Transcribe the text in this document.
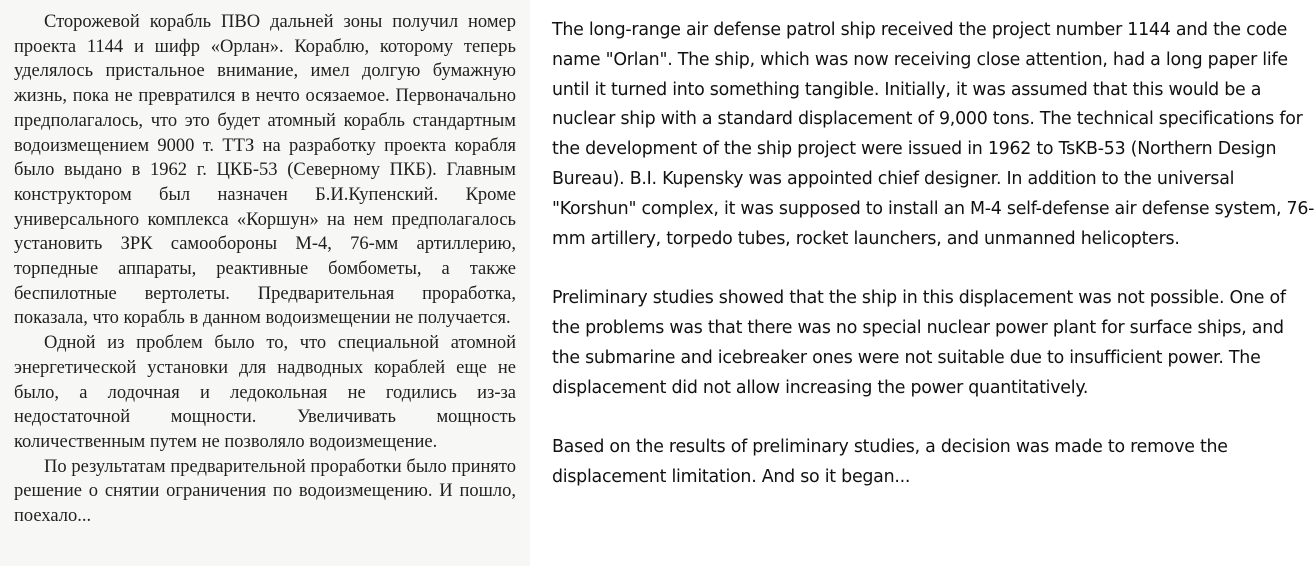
Сторожевой корабль ПВО дальней зоны получил номер проекта 1144 и шифр «Орлан». Кораблю, которому теперь уделялось пристальное внимание, имел долгую бумажную жизнь, пока не превратился в нечто осязаемое. Первоначально предполагалось, что это будет атомный корабль стандартным водоизмещением 9000 т. ТТЗ на разработку проекта корабля было выдано в 1962 г. ЦКБ-53 (Северному ПКБ). Главным конструктором был назначен Б.И.Купенский. Кроме универсального комплекса «Коршун» на нем предполагалось установить ЗРК самообороны М-4, 76-мм артиллерию, торпедные аппараты, реактивные бомбометы, а также беспилотные вертолеты. Предварительная проработка, показала, что корабль в данном водоизмещении не получается.

Одной из проблем было то, что специальной атомной энергетической установки для надводных кораблей еще не было, а лодочная и ледокольная не годились из-за недостаточной мощности. Увеличивать мощность количественным путем не позволяло водоизмещение.

По результатам предварительной проработки было принято решение о снятии ограничения по водоизмещению. И пошло, поехало...

The long-range air defense patrol ship received the project number 1144 and the code name "Orlan". The ship, which was now receiving close attention, had a long paper life until it turned into something tangible. Initially, it was assumed that this would be a nuclear ship with a standard displacement of 9,000 tons. The technical specifications for the development of the ship project were issued in 1962 to TsKB-53 (Northern Design Bureau). B.I. Kupensky was appointed chief designer. In addition to the universal "Korshun" complex, it was supposed to install an M-4 self-defense air defense system, 76-mm artillery, torpedo tubes, rocket launchers, and unmanned helicopters.

Preliminary studies showed that the ship in this displacement was not possible. One of the problems was that there was no special nuclear power plant for surface ships, and the submarine and icebreaker ones were not suitable due to insufficient power. The displacement did not allow increasing the power quantitatively.

Based on the results of preliminary studies, a decision was made to remove the displacement limitation. And so it began...
